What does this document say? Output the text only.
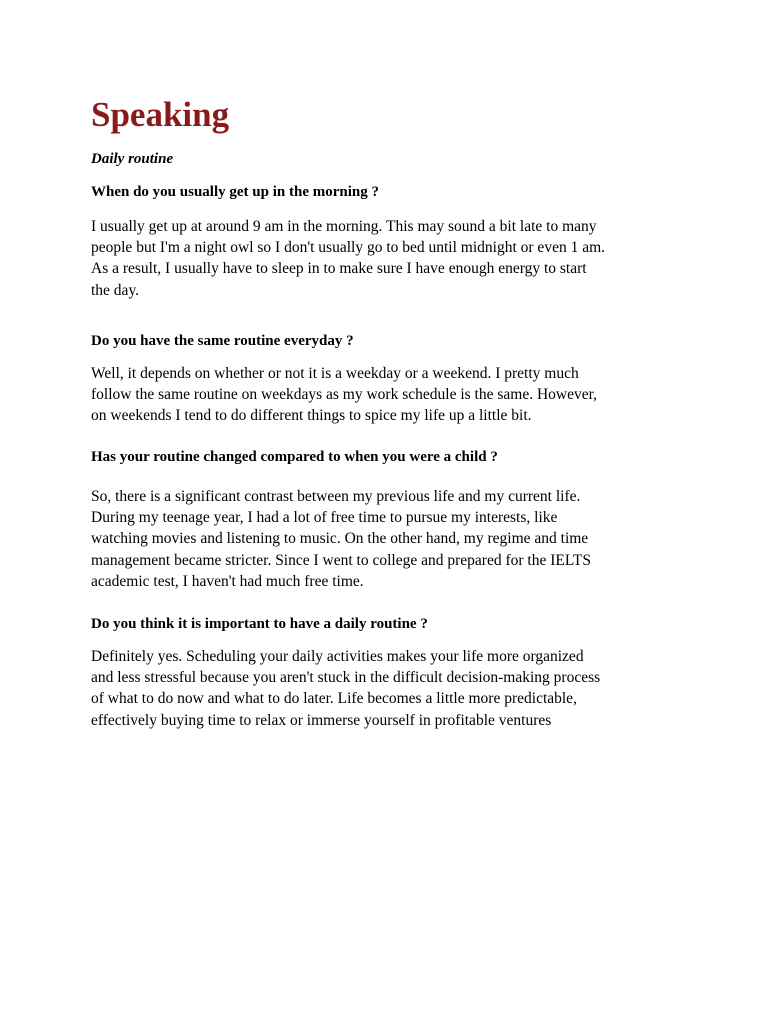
Speaking
Daily routine
When do you usually get up in the morning ?
I usually get up at around 9 am in the morning. This may sound a bit late to many
people but I'm a night owl so I don't usually go to bed until midnight or even 1 am.
As a result, I usually have to sleep in to make sure I have enough energy to start
the day.
Do you have the same routine everyday ?
Well, it depends on whether or not it is a weekday or a weekend. I pretty much
follow the same routine on weekdays as my work schedule is the same. However,
on weekends I tend to do different things to spice my life up a little bit.
Has your routine changed compared to when you were a child ?
So, there is a significant contrast between my previous life and my current life.
During my teenage year, I had a lot of free time to pursue my interests, like
watching movies and listening to music. On the other hand, my regime and time
management became stricter. Since I went to college and prepared for the IELTS
academic test, I haven't had much free time.
Do you think it is important to have a daily routine ?
Definitely yes. Scheduling your daily activities makes your life more organized
and less stressful because you aren't stuck in the difficult decision-making process
of what to do now and what to do later. Life becomes a little more predictable,
effectively buying time to relax or immerse yourself in profitable ventures
